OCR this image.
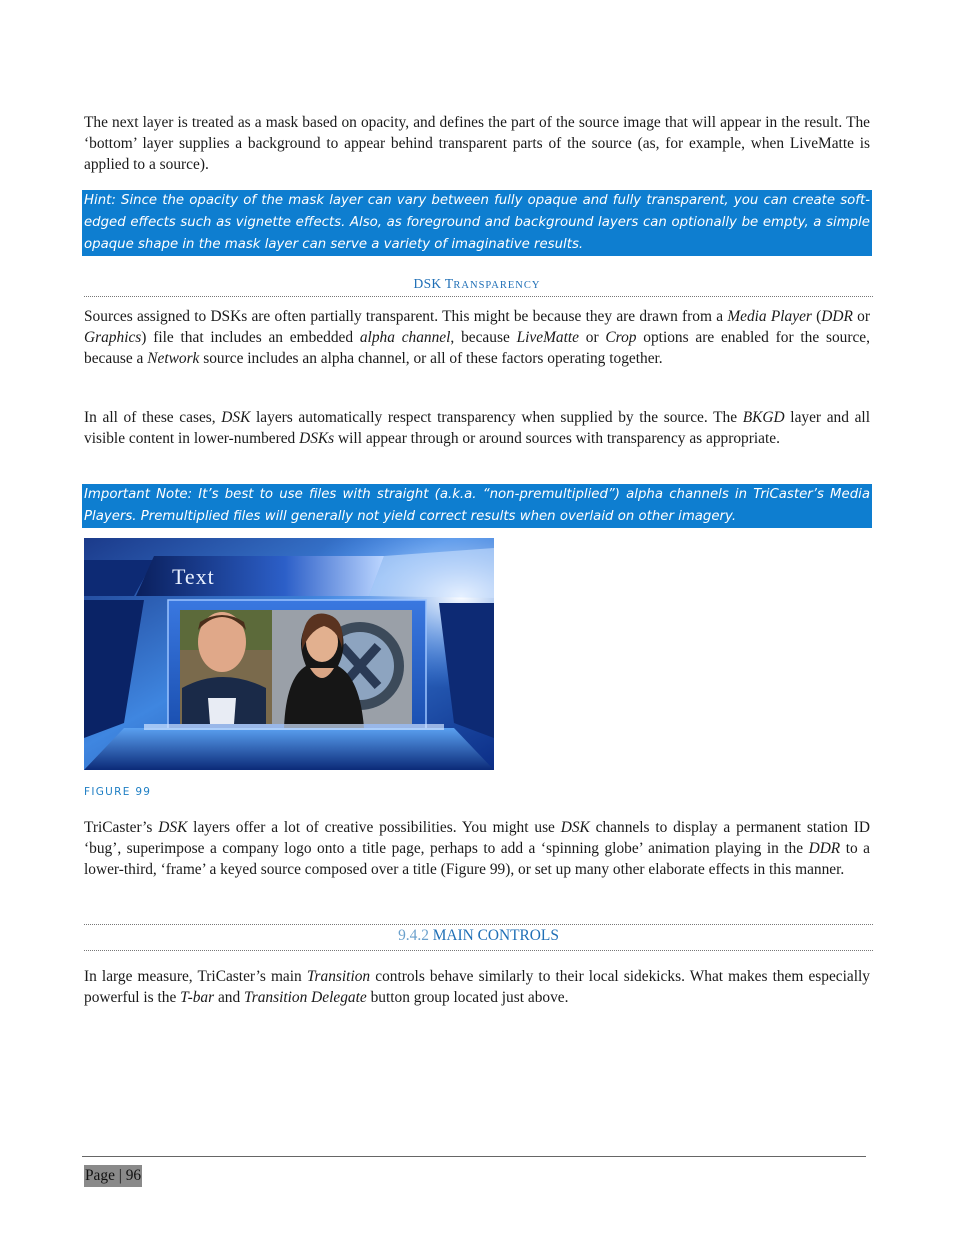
The next layer is treated as a mask based on opacity, and defines the part of the source image that will appear in the result. The ‘bottom’ layer supplies a background to appear behind transparent parts of the source (as, for example, when LiveMatte is applied to a source).

Hint: Since the opacity of the mask layer can vary between fully opaque and fully transparent, you can create soft-edged effects such as vignette effects. Also, as foreground and background layers can optionally be empty, a simple opaque shape in the mask layer can serve a variety of imaginative results.
DSK TRANSPARENCY

Sources assigned to DSKs are often partially transparent. This might be because they are drawn from a Media Player (DDR or Graphics) file that includes an embedded alpha channel, because LiveMatte or Crop options are enabled for the source, because a Network source includes an alpha channel, or all of these factors operating together.

In all of these cases, DSK layers automatically respect transparency when supplied by the source. The BKGD layer and all visible content in lower-numbered DSKs will appear through or around sources with transparency as appropriate.

Important Note: It’s best to use files with straight (a.k.a. “non-premultiplied”) alpha channels in TriCaster’s Media Players. Premultiplied files will generally not yield correct results when overlaid on other imagery.
Text
FIGURE 99

TriCaster’s DSK layers offer a lot of creative possibilities. You might use DSK channels to display a permanent station ID ‘bug’, superimpose a company logo onto a title page, perhaps to add a ‘spinning globe’ animation playing in the DDR to a lower-third, ‘frame’ a keyed source composed over a title (Figure 99), or set up many other elaborate effects in this manner.

9.4.2 MAIN CONTROLS

In large measure, TriCaster’s main Transition controls behave similarly to their local sidekicks. What makes them especially powerful is the T-bar and Transition Delegate button group located just above.

Page | 96
